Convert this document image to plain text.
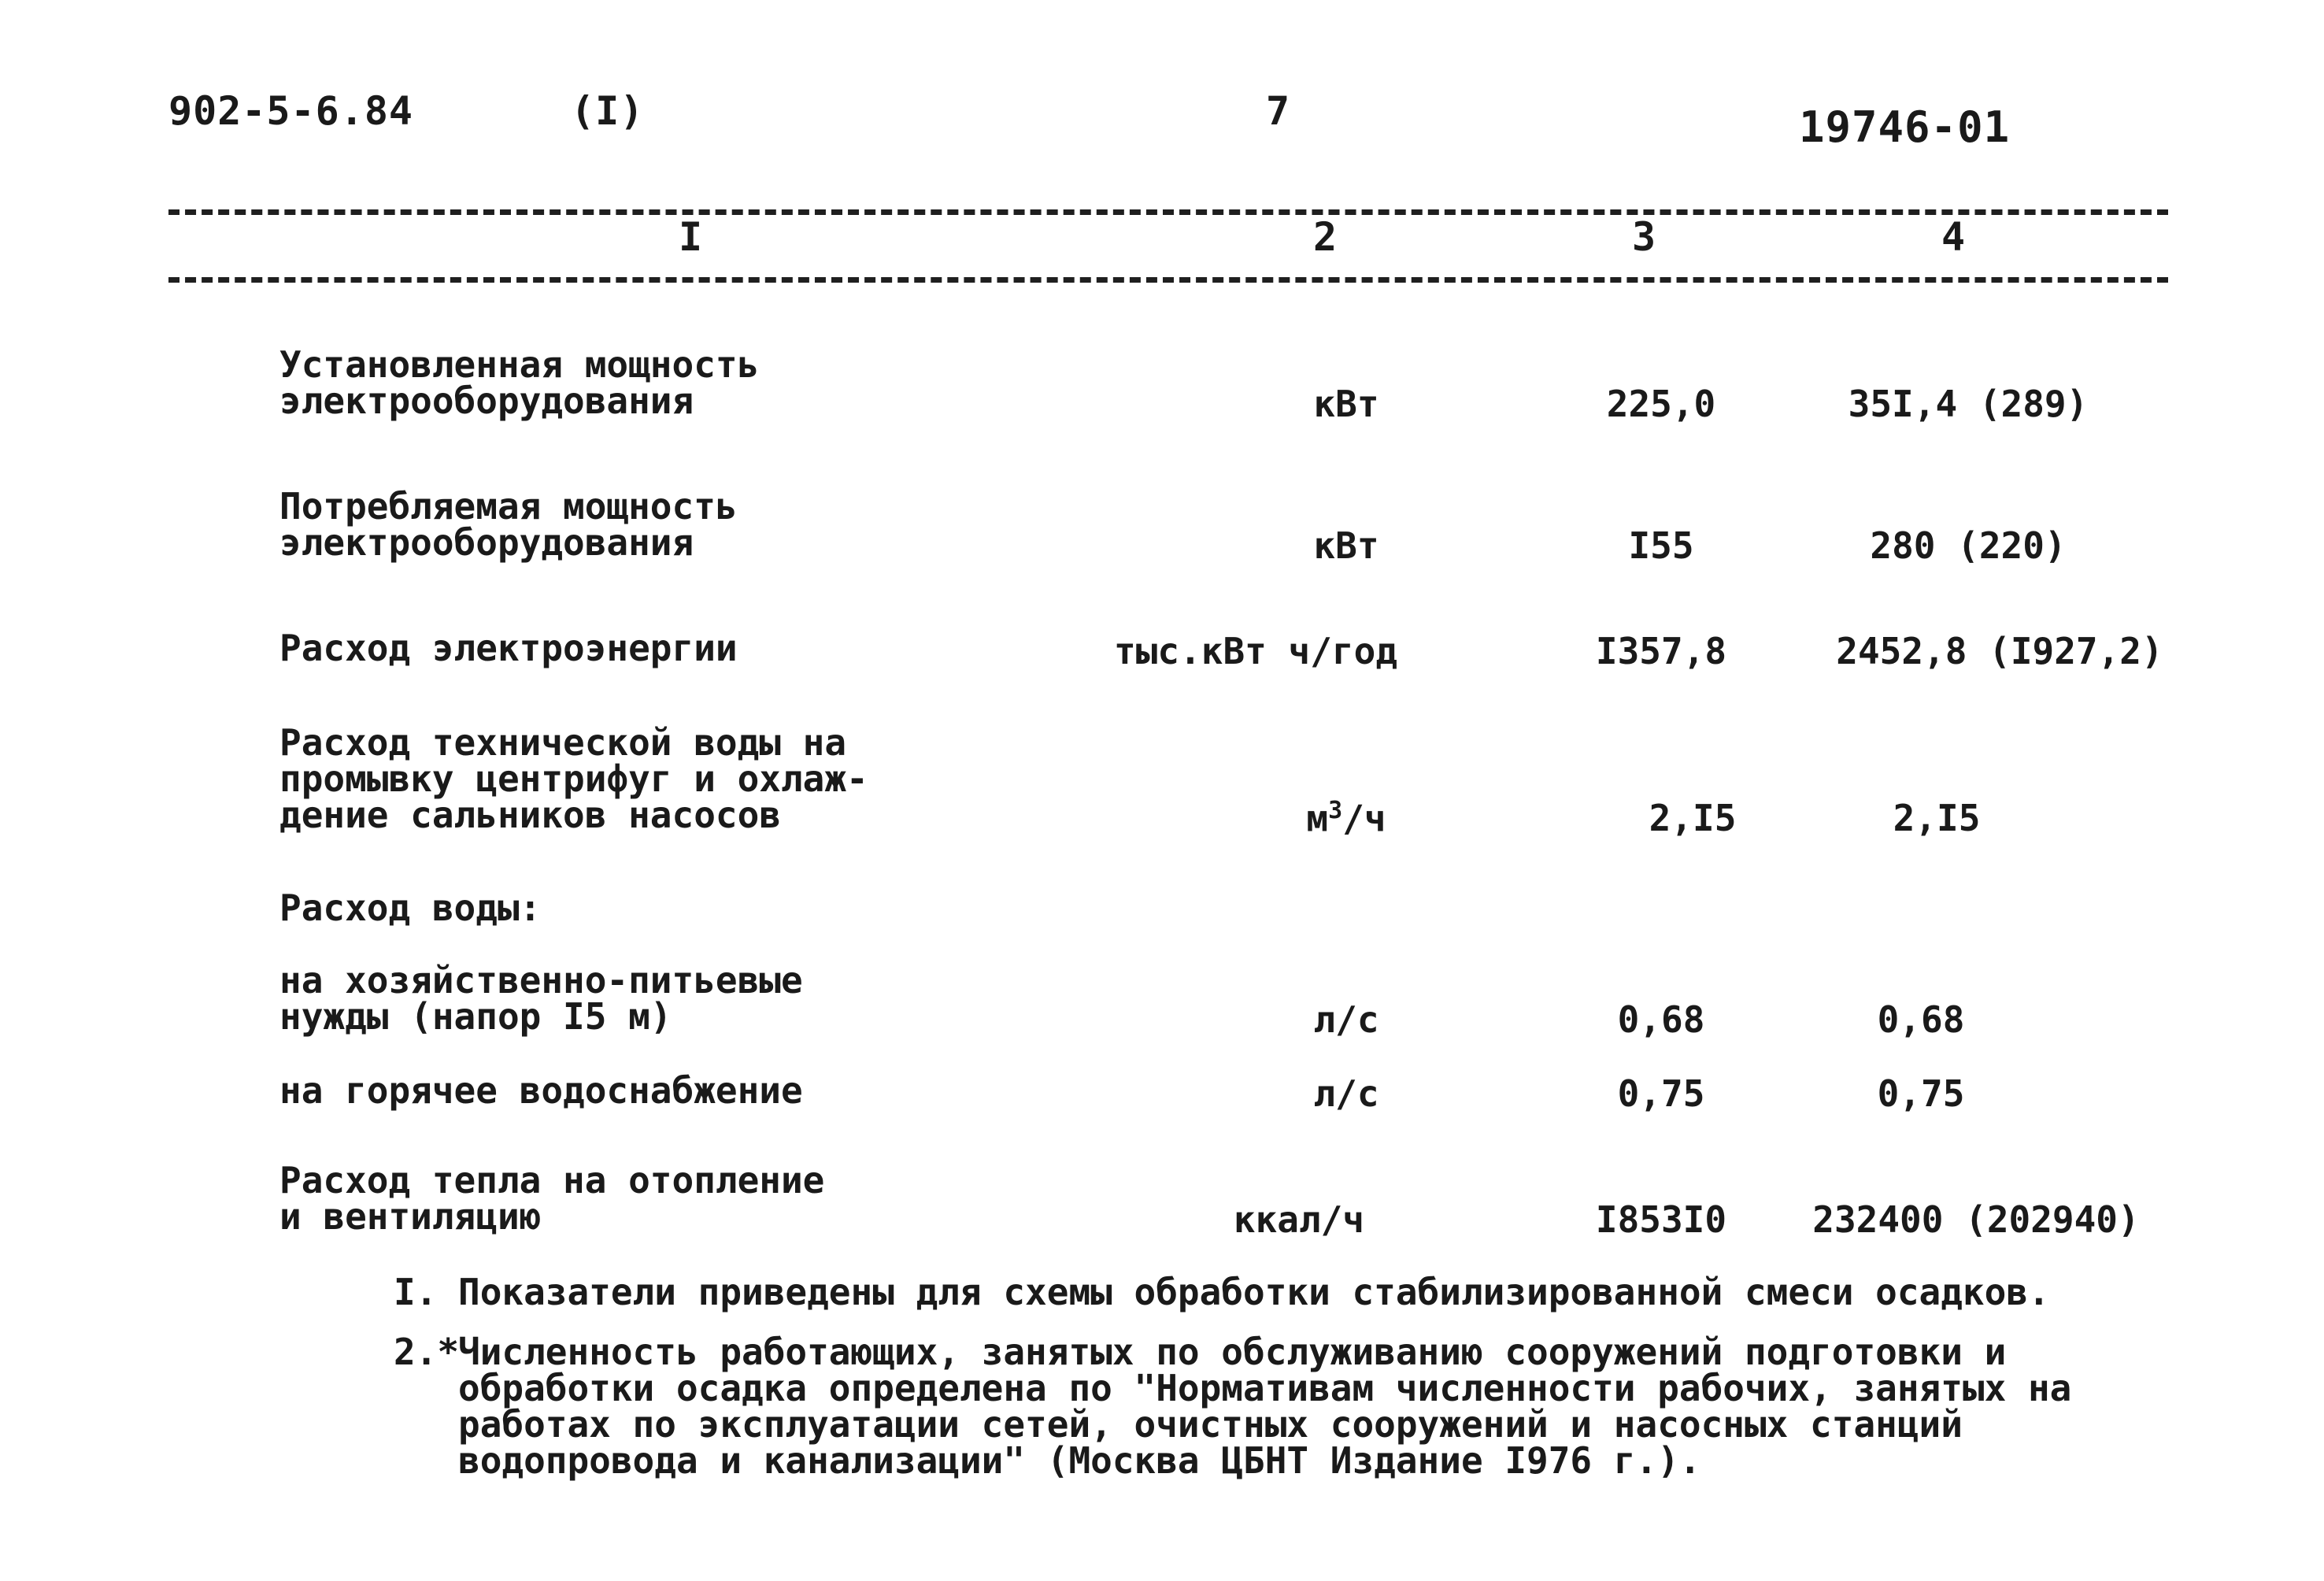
902-5-6.84	(I)	7	19746-01
I	2	3	4
Установленная мощность
электрооборудования	кВт	225,0	35I,4 (289)
Потребляемая мощность
электрооборудования	кВт	I55	280 (220)
Расход электроэнергии	тыс.кВт ч/год	I357,8	2452,8 (I927,2)
Расход технической воды на
промывку центрифуг и охлаж-
дение сальников насосов	$м^3/ч$	2,I5	2,I5
Расход воды:
на хозяйственно-питьевые
нужды (напор I5 м)	л/с	0,68	0,68
на горячее водоснабжение	л/с	0,75	0,75
Расход тепла на отопление
и вентиляцию	ккал/ч	I853I0	232400 (202940)
I. Показатели приведены для схемы обработки стабилизированной смеси осадков.
2.*
Численность работающих, занятых по обслуживанию сооружений подготовки и обработки осадка определена по "Нормативам численности рабочих, занятых на работах по эксплуатации сетей, очистных сооружений и насосных станций водопровода и канализации" (Москва ЦБНТ Издание I976 г.).
